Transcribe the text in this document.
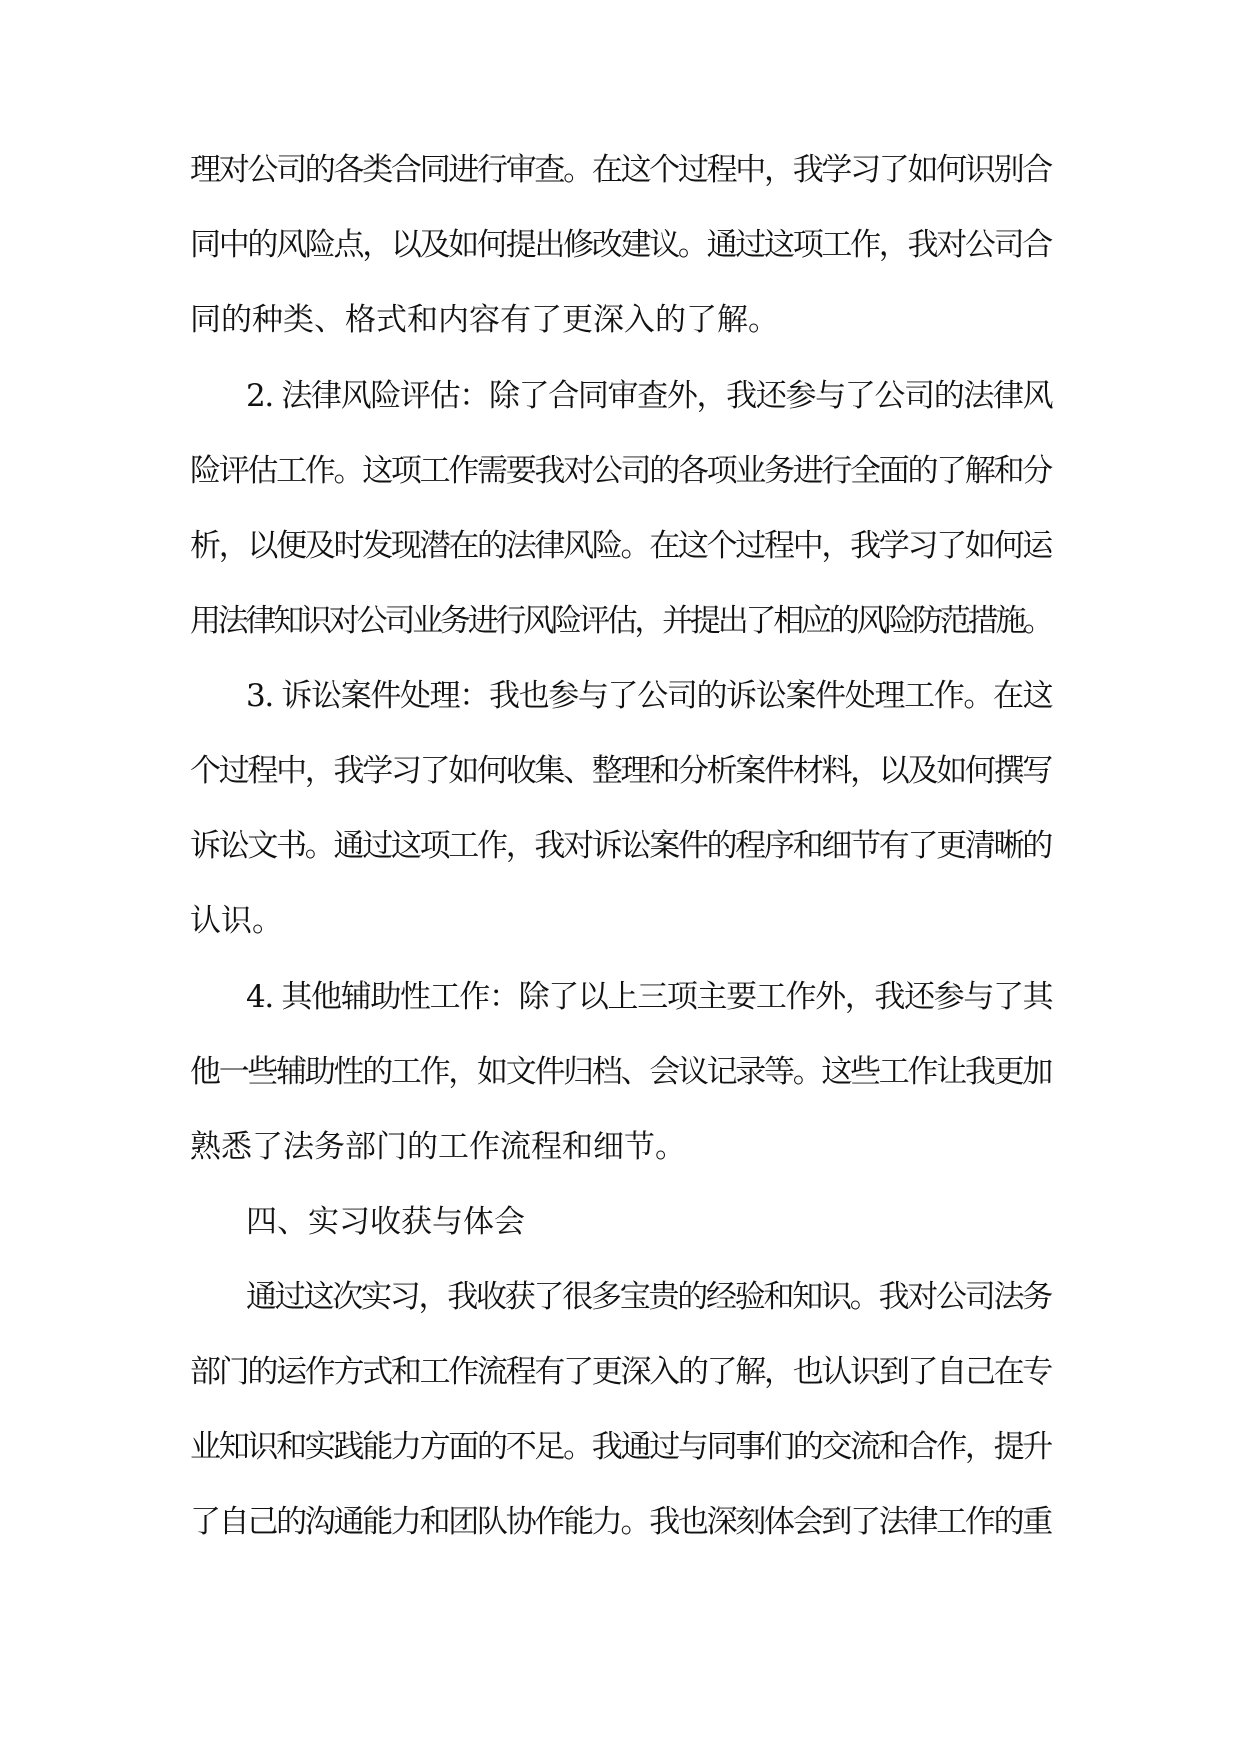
理对公司的各类合同进行审查。在这个过程中，我学习了如何识别合
同中的风险点，以及如何提出修改建议。通过这项工作，我对公司合
同的种类、格式和内容有了更深入的了解。
2. 法律风险评估：除了合同审查外，我还参与了公司的法律风
险评估工作。这项工作需要我对公司的各项业务进行全面的了解和分
析，以便及时发现潜在的法律风险。在这个过程中，我学习了如何运
用法律知识对公司业务进行风险评估，并提出了相应的风险防范措施。
3. 诉讼案件处理：我也参与了公司的诉讼案件处理工作。在这
个过程中，我学习了如何收集、整理和分析案件材料，以及如何撰写
诉讼文书。通过这项工作，我对诉讼案件的程序和细节有了更清晰的
认识。
4. 其他辅助性工作：除了以上三项主要工作外，我还参与了其
他一些辅助性的工作，如文件归档、会议记录等。这些工作让我更加
熟悉了法务部门的工作流程和细节。
四、实习收获与体会
通过这次实习，我收获了很多宝贵的经验和知识。我对公司法务
部门的运作方式和工作流程有了更深入的了解，也认识到了自己在专
业知识和实践能力方面的不足。我通过与同事们的交流和合作，提升
了自己的沟通能力和团队协作能力。我也深刻体会到了法律工作的重
